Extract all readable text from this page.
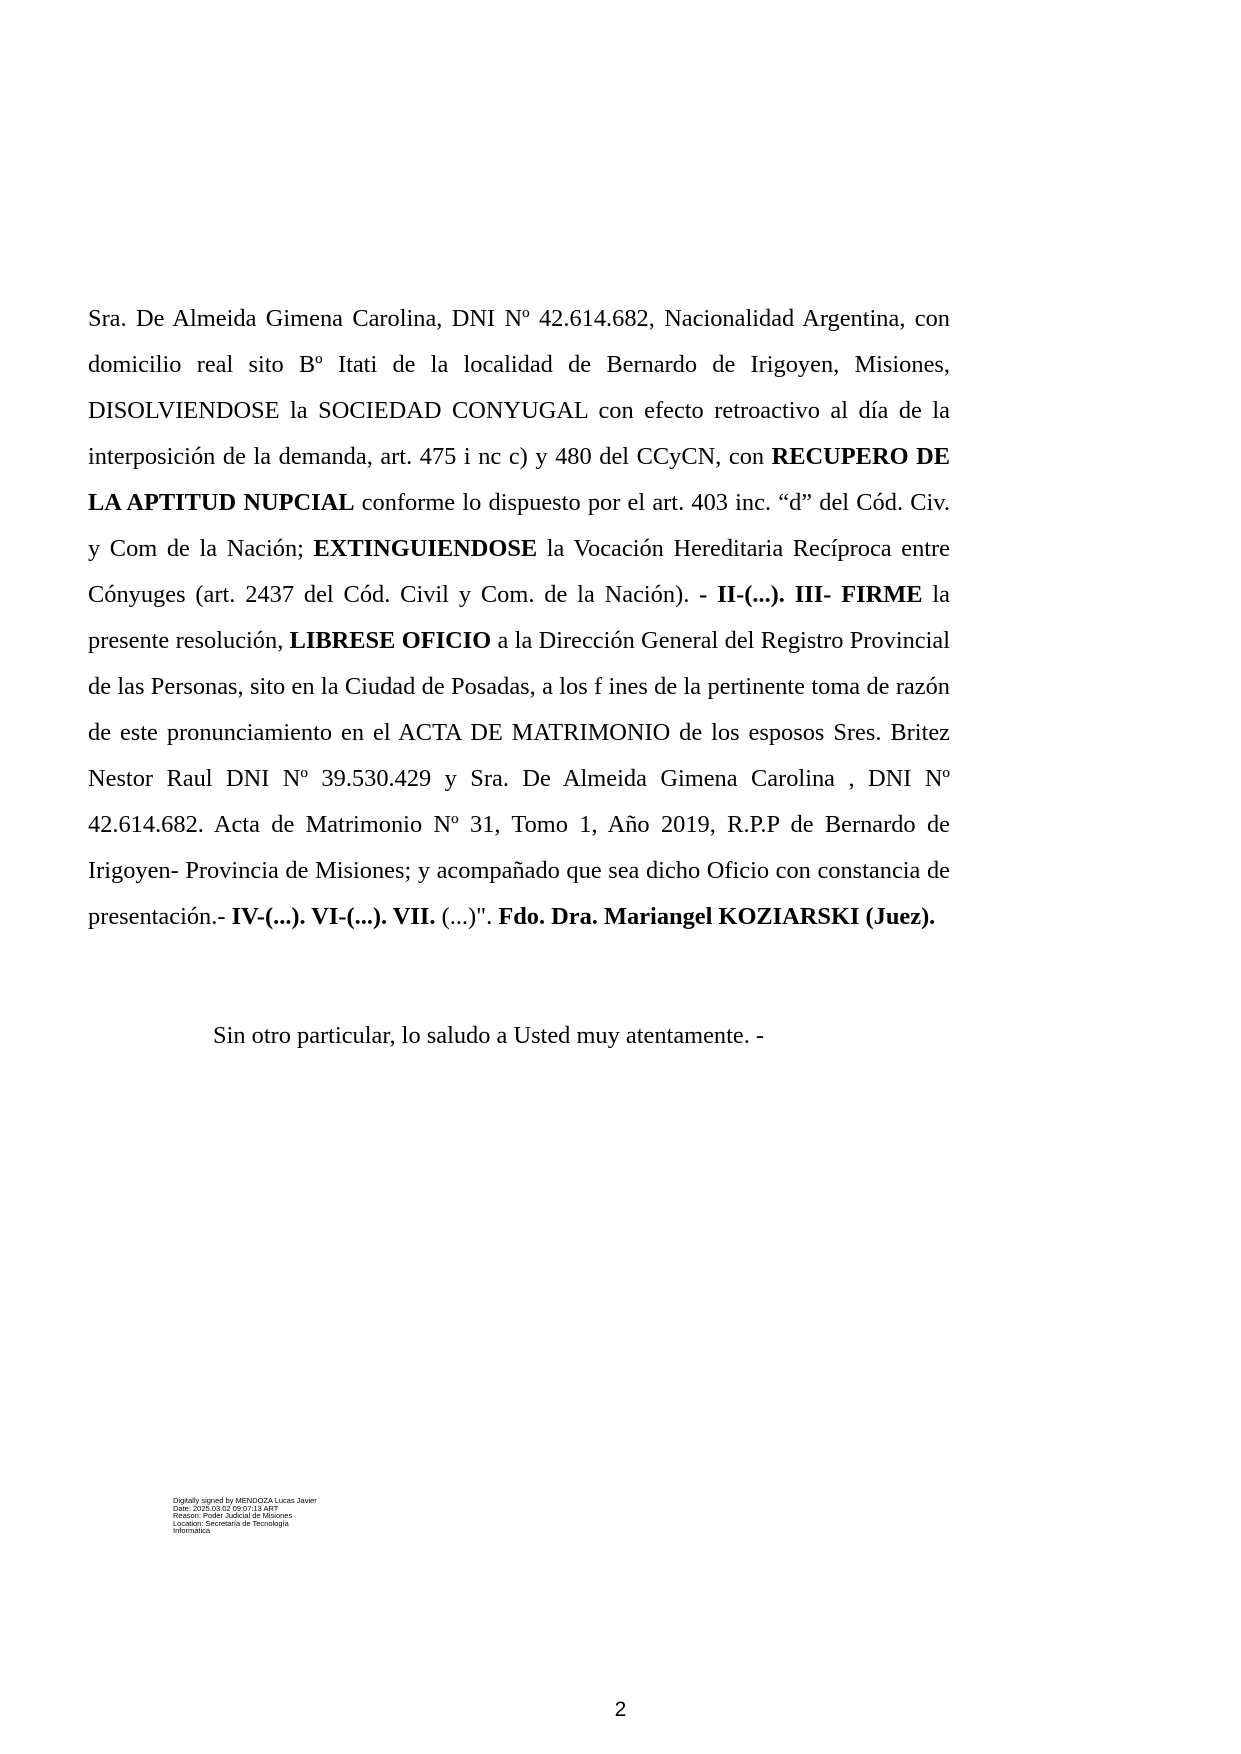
Sra. De Almeida Gimena Carolina, DNI Nº 42.614.682, Nacionalidad Argentina, con domicilio real sito Bº Itati de la localidad de Bernardo de Irigoyen, Misiones, DISOLVIENDOSE la SOCIEDAD CONYUGAL con efecto retroactivo al día de la interposición de la demanda, art. 475 i nc c) y 480 del CCyCN, con RECUPERO DE LA APTITUD NUPCIAL conforme lo dispuesto por el art. 403 inc. “d” del Cód. Civ. y Com de la Nación; EXTINGUIENDOSE la Vocación Hereditaria Recíproca entre Cónyuges (art. 2437 del Cód. Civil y Com. de la Nación). - II-(...). III- FIRME la presente resolución, LIBRESE OFICIO a la Dirección General del Registro Provincial de las Personas, sito en la Ciudad de Posadas, a los f ines de la pertinente toma de razón de este pronunciamiento en el ACTA DE MATRIMONIO de los esposos Sres. Britez Nestor Raul DNI Nº 39.530.429 y Sra. De Almeida Gimena Carolina , DNI Nº 42.614.682. Acta de Matrimonio Nº 31, Tomo 1, Año 2019, R.P.P de Bernardo de Irigoyen- Provincia de Misiones; y acompañado que sea dicho Oficio con constancia de presentación.- IV-(...). VI-(...). VII. (...)". Fdo. Dra. Mariangel KOZIARSKI (Juez).

Sin otro particular, lo saludo a Usted muy atentamente. -

Digitally signed by MENDOZA Lucas Javier
Date: 2025.03.02 09:07:13 ART
Reason: Poder Judicial de Misiones
Location: Secretaría de Tecnología
Informática
2
